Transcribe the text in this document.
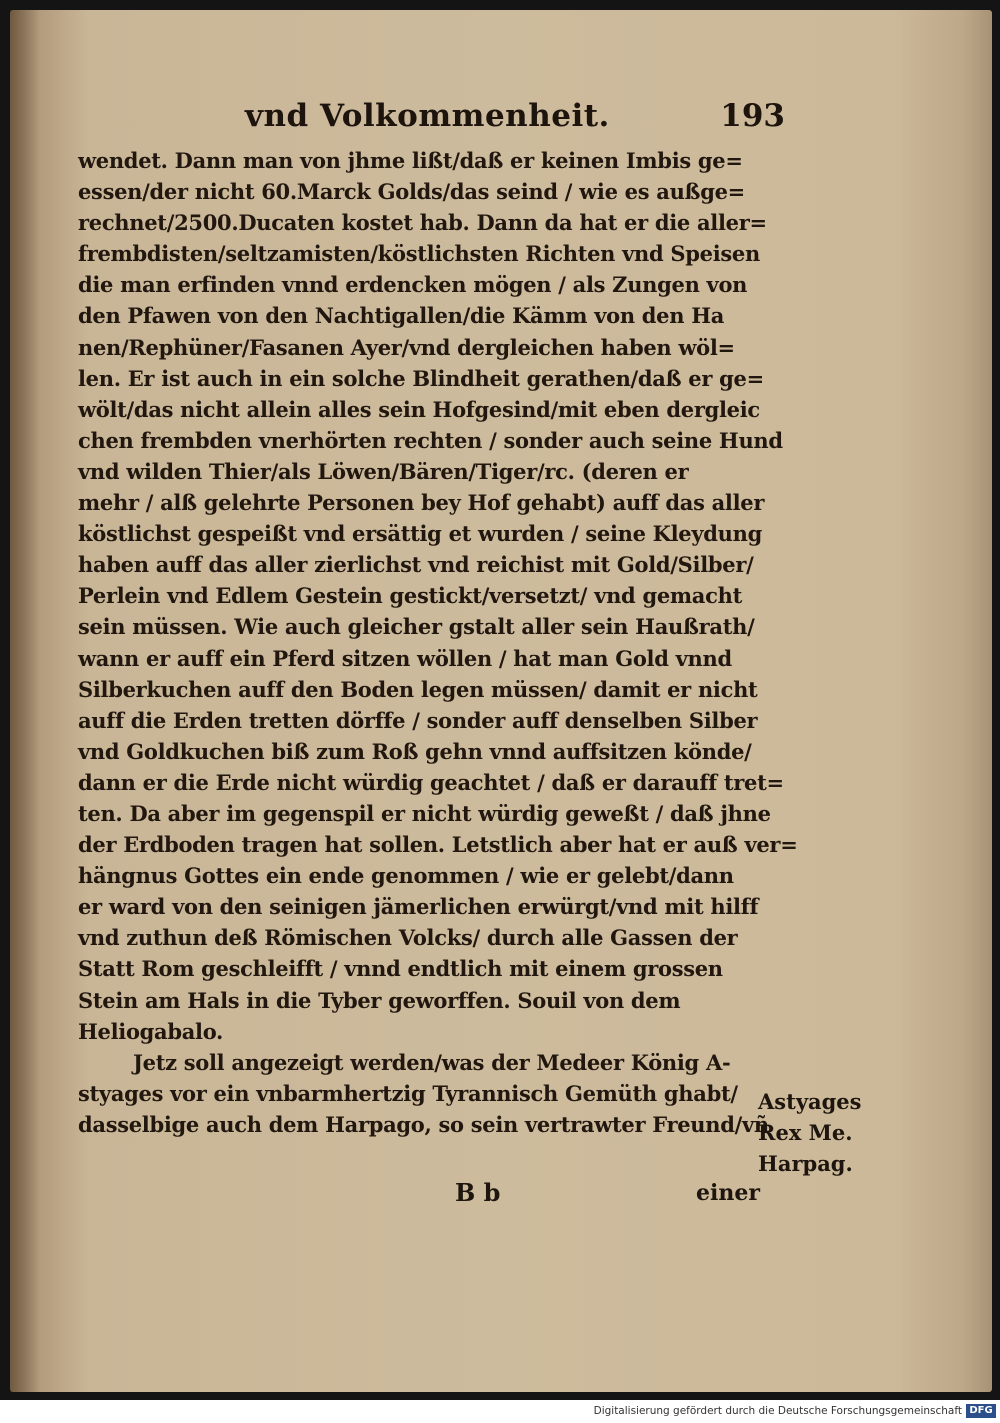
vnd Volkommenheit.	193
wendet. Dann man von jhme lißt/daß er keinen Imbis ge=
essen/der nicht 60.Marck Golds/das seind / wie es außge=
rechnet/2500.Ducaten kostet hab. Dann da hat er die aller=
frembdisten/seltzamisten/köstlichsten Richten vnd Speisen
die man erfinden vnnd erdencken mögen / als Zungen von
den Pfawen von den Nachtigallen/die Kämm von den Ha
nen/Rephüner/Fasanen Ayer/vnd dergleichen haben wöl=
len. Er ist auch in ein solche Blindheit gerathen/daß er ge=
wölt/das nicht allein alles sein Hofgesind/mit eben dergleic
chen frembden vnerhörten rechten / sonder auch seine Hund
vnd wilden Thier/als Löwen/Bären/Tiger/rc. (deren er
mehr / alß gelehrte Personen bey Hof gehabt) auff das aller
köstlichst gespeißt vnd ersättig et wurden / seine Kleydung
haben auff das aller zierlichst vnd reichist mit Gold/Silber/
Perlein vnd Edlem Gestein gestickt/versetzt/ vnd gemacht
sein müssen. Wie auch gleicher gstalt aller sein Haußrath/
wann er auff ein Pferd sitzen wöllen / hat man Gold vnnd
Silberkuchen auff den Boden legen müssen/ damit er nicht
auff die Erden tretten dörffe / sonder auff denselben Silber
vnd Goldkuchen biß zum Roß gehn vnnd auffsitzen könde/
dann er die Erde nicht würdig geachtet / daß er darauff tret=
ten. Da aber im gegenspil er nicht würdig geweßt / daß jhne
der Erdboden tragen hat sollen. Letstlich aber hat er auß ver=
hängnus Gottes ein ende genommen / wie er gelebt/dann
er ward von den seinigen jämerlichen erwürgt/vnd mit hilff
vnd zuthun deß Römischen Volcks/ durch alle Gassen der
Statt Rom geschleifft / vnnd endtlich mit einem grossen
Stein am Hals in die Tyber geworffen. Souil von dem
Heliogabalo.
Jetz soll angezeigt werden/was der Medeer König A-
styages vor ein vnbarmhertzig Tyrannisch Gemüth ghabt/
dasselbige auch dem Harpago, so sein vertrawter Freund/vñ
Astyages
Rex Me.
Harpag.
B b	einer
Digitalisierung gefördert durch die Deutsche Forschungsgemeinschaft DFG
